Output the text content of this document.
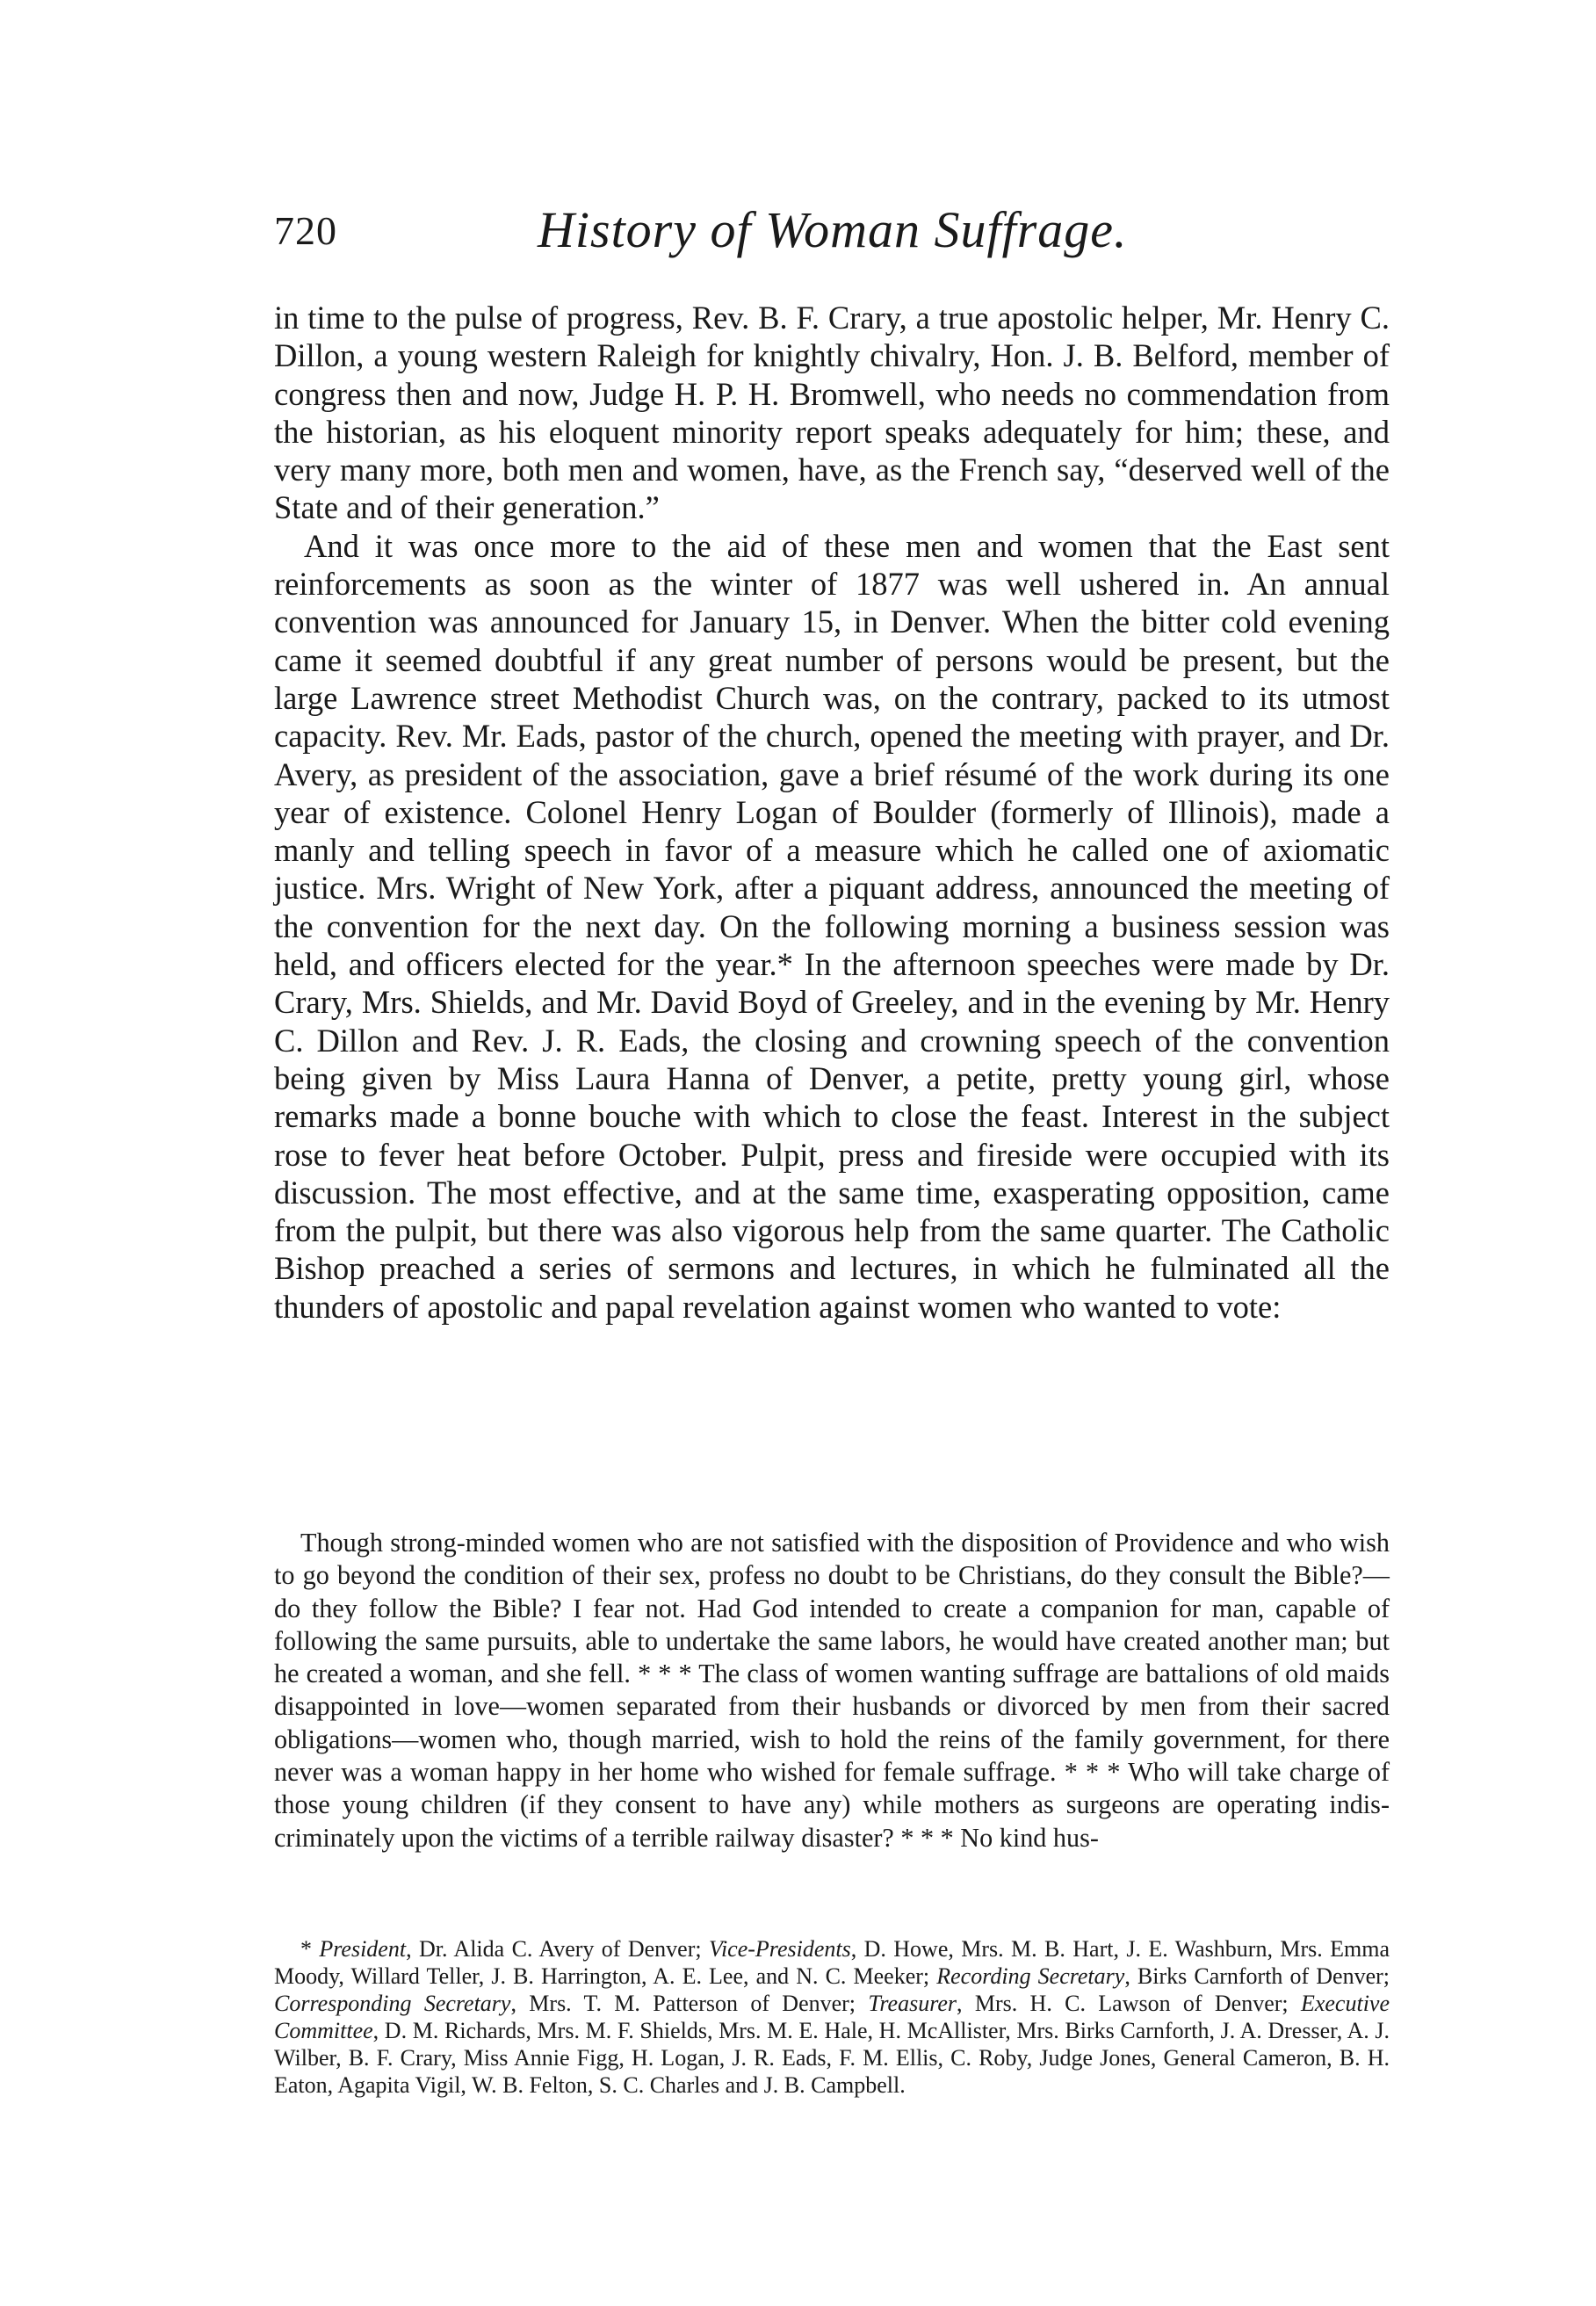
720	History of Woman Suffrage.

in time to the pulse of progress, Rev. B. F. Crary, a true apostolic helper, Mr. Henry C. Dillon, a young western Raleigh for knightly chivalry, Hon. J. B. Belford, member of congress then and now, Judge H. P. H. Bromwell, who needs no commendation from the historian, as his eloquent minority report speaks adequately for him; these, and very many more, both men and women, have, as the French say, “deserved well of the State and of their generation.”

And it was once more to the aid of these men and women that the East sent reinforcements as soon as the winter of 1877 was well ushered in. An annual convention was announced for January 15, in Denver. When the bitter cold evening came it seemed doubtful if any great number of persons would be present, but the large Lawrence street Methodist Church was, on the contrary, packed to its utmost capacity. Rev. Mr. Eads, pastor of the church, opened the meeting with prayer, and Dr. Avery, as president of the association, gave a brief résumé of the work during its one year of existence. Colonel Henry Logan of Boulder (formerly of Illinois), made a manly and telling speech in favor of a measure which he called one of axiomatic justice. Mrs. Wright of New York, after a piquant address, announced the meeting of the convention for the next day. On the following morning a business session was held, and officers elected for the year.* In the afternoon speeches were made by Dr. Crary, Mrs. Shields, and Mr. David Boyd of Greeley, and in the evening by Mr. Henry C. Dillon and Rev. J. R. Eads, the closing and crowning speech of the convention being given by Miss Laura Hanna of Denver, a petite, pretty young girl, whose remarks made a bonne bouche with which to close the feast. Interest in the subject rose to fever heat before October. Pulpit, press and fireside were occupied with its discussion. The most effective, and at the same time, exasperating opposition, came from the pulpit, but there was also vigorous help from the same quarter. The Catholic Bishop preached a series of sermons and lectures, in which he fulminated all the thunders of apostolic and papal revelation against women who wanted to vote:

Though strong-minded women who are not satisfied with the disposition of Providence and who wish to go beyond the condition of their sex, profess no doubt to be Christians, do they consult the Bible?—do they follow the Bible? I fear not. Had God intended to create a companion for man, capable of following the same pursuits, able to undertake the same labors, he would have created another man; but he created a woman, and she fell. * * * The class of women wanting suffrage are battalions of old maids disappointed in love—women separated from their husbands or divorced by men from their sacred obligations—women who, though married, wish to hold the reins of the family government, for there never was a woman happy in her home who wished for female suffrage. * * * Who will take charge of those young children (if they consent to have any) while mothers as surgeons are operating indiscriminately upon the victims of a terrible railway disaster? * * * No kind hus-

* President, Dr. Alida C. Avery of Denver; Vice-Presidents, D. Howe, Mrs. M. B. Hart, J. E. Washburn, Mrs. Emma Moody, Willard Teller, J. B. Harrington, A. E. Lee, and N. C. Meeker; Recording Secretary, Birks Carnforth of Denver; Corresponding Secretary, Mrs. T. M. Patterson of Denver; Treasurer, Mrs. H. C. Lawson of Denver; Executive Committee, D. M. Richards, Mrs. M. F. Shields, Mrs. M. E. Hale, H. McAllister, Mrs. Birks Carnforth, J. A. Dresser, A. J. Wilber, B. F. Crary, Miss Annie Figg, H. Logan, J. R. Eads, F. M. Ellis, C. Roby, Judge Jones, General Cameron, B. H. Eaton, Agapita Vigil, W. B. Felton, S. C. Charles and J. B. Campbell.
